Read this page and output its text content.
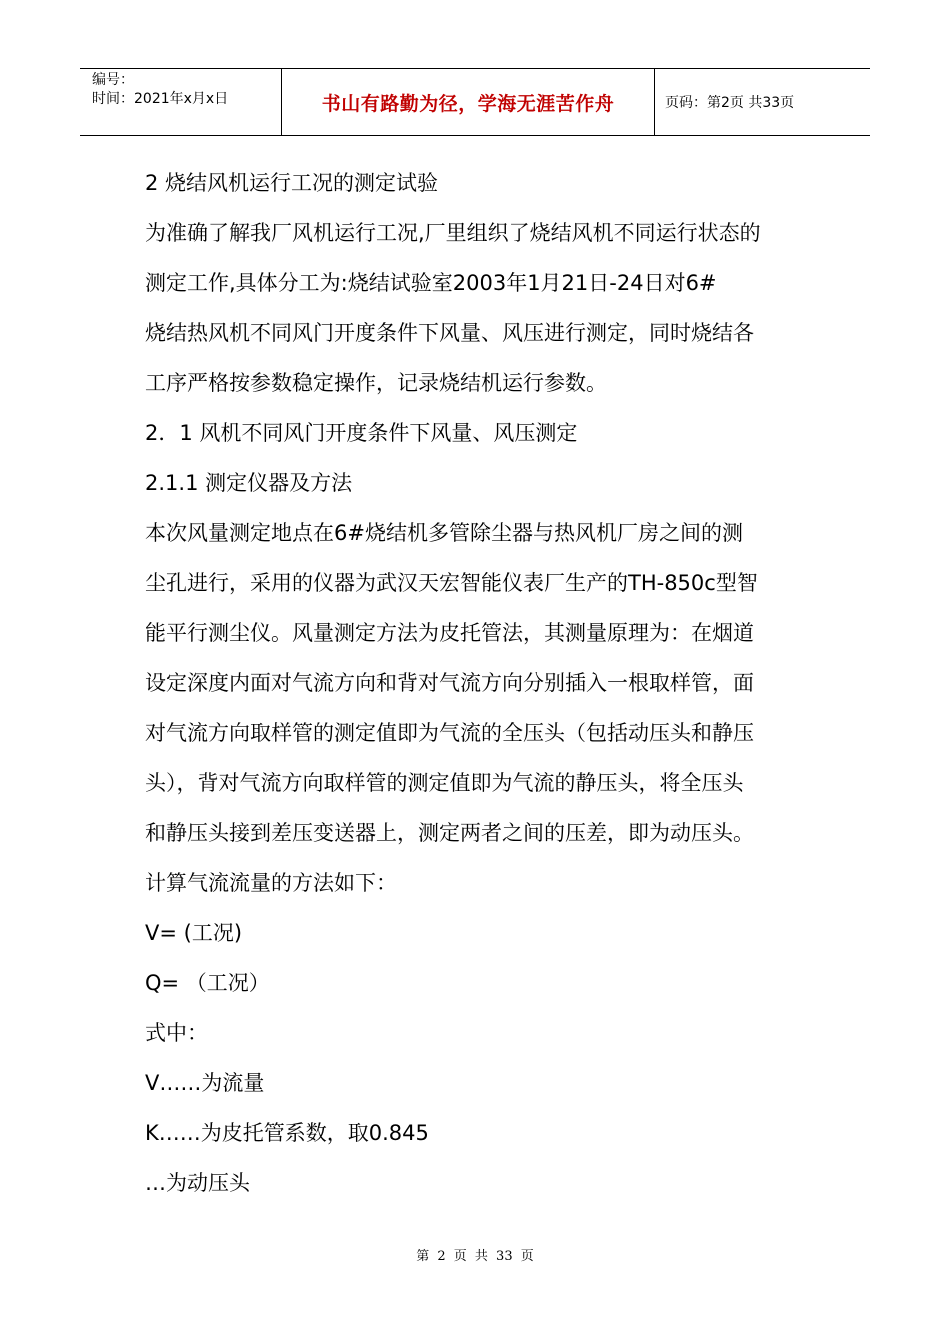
编号：
时间：2021年x月x日	书山有路勤为径，学海无涯苦作舟	页码：第2页 共33页
2 烧结风机运行工况的测定试验
为准确了解我厂风机运行工况,厂里组织了烧结风机不同运行状态的
测定工作,具体分工为:烧结试验室2003年1月21日-24日对6#
烧结热风机不同风门开度条件下风量、风压进行测定，同时烧结各
工序严格按参数稳定操作，记录烧结机运行参数。
2．1 风机不同风门开度条件下风量、风压测定
2.1.1 测定仪器及方法
本次风量测定地点在6#烧结机多管除尘器与热风机厂房之间的测
尘孔进行，采用的仪器为武汉天宏智能仪表厂生产的TH-850c型智
能平行测尘仪。风量测定方法为皮托管法，其测量原理为：在烟道
设定深度内面对气流方向和背对气流方向分别插入一根取样管，面
对气流方向取样管的测定值即为气流的全压头（包括动压头和静压
头），背对气流方向取样管的测定值即为气流的静压头，将全压头
和静压头接到差压变送器上，测定两者之间的压差，即为动压头。
计算气流流量的方法如下：
V= (工况)
Q= （工况）
式中：
V……为流量
K……为皮托管系数，取0.845
…为动压头
第 2 页 共 33 页
